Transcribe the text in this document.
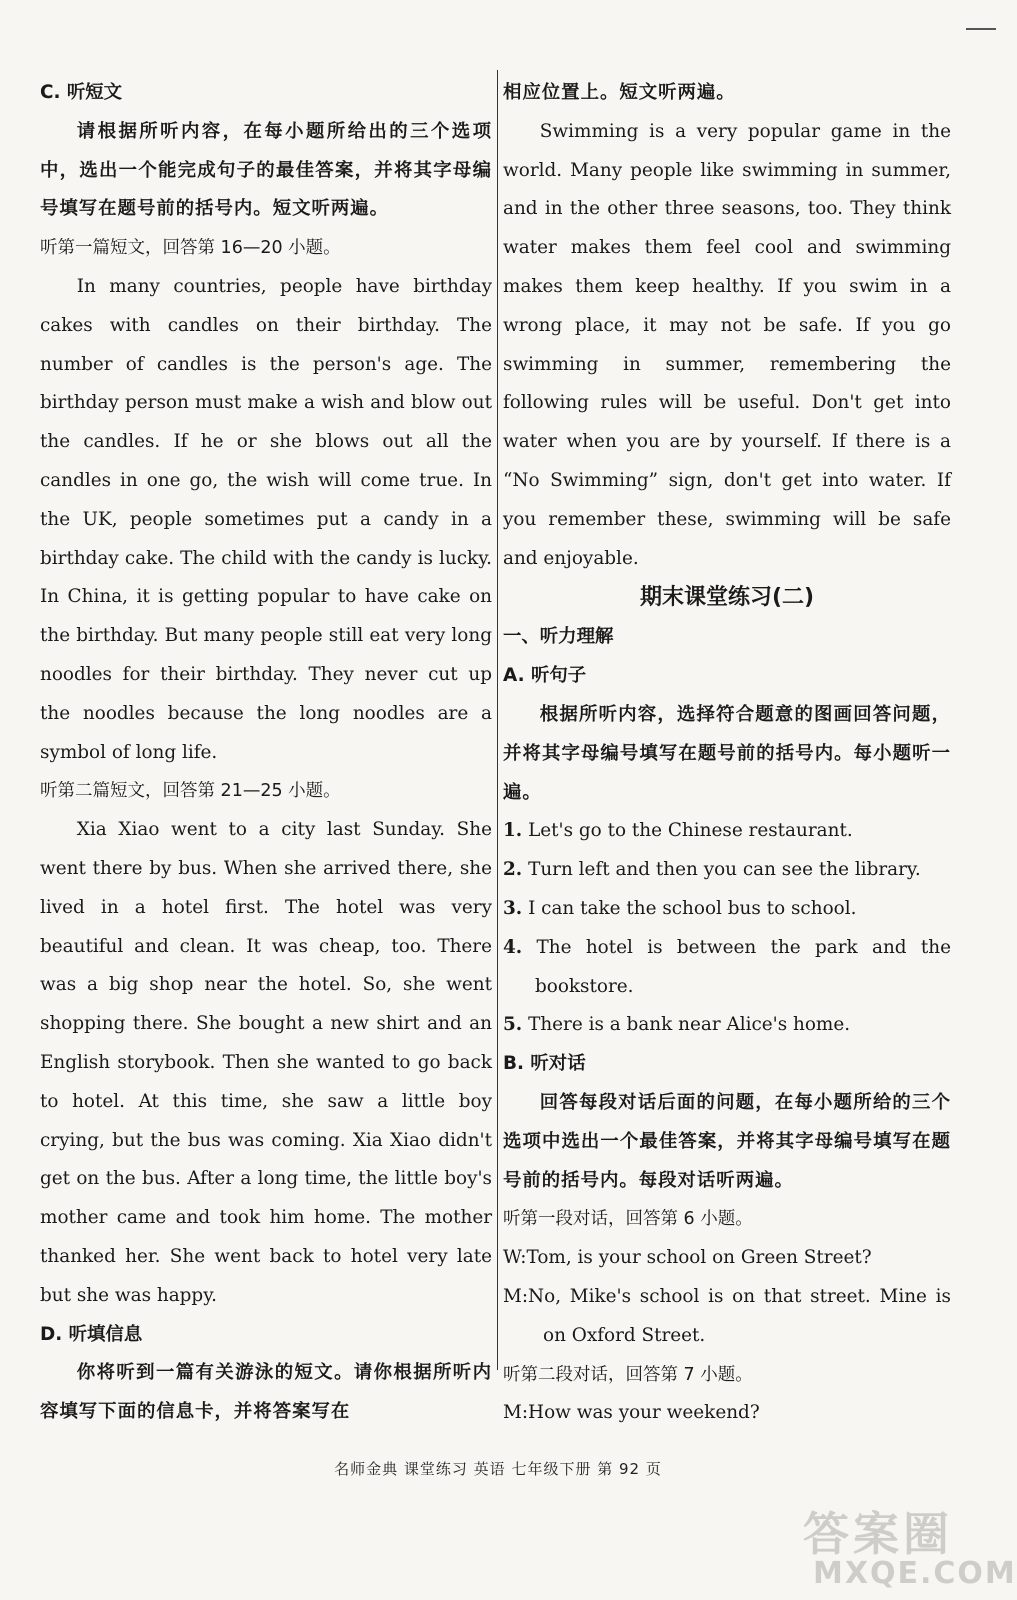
C. 听短文

请根据所听内容，在每小题所给出的三个选项中，选出一个能完成句子的最佳答案，并将其字母编号填写在题号前的括号内。短文听两遍。

听第一篇短文，回答第 16—20 小题。

In many countries, people have birthday cakes with candles on their birthday. The number of candles is the person's age. The birthday person must make a wish and blow out the candles. If he or she blows out all the candles in one go, the wish will come true. In the UK, people sometimes put a candy in a birthday cake. The child with the candy is lucky. In China, it is getting popular to have cake on the birthday. But many people still eat very long noodles for their birthday. They never cut up the noodles because the long noodles are a symbol of long life.

听第二篇短文，回答第 21—25 小题。

Xia Xiao went to a city last Sunday. She went there by bus. When she arrived there, she lived in a hotel first. The hotel was very beautiful and clean. It was cheap, too. There was a big shop near the hotel. So, she went shopping there. She bought a new shirt and an English storybook. Then she wanted to go back to hotel. At this time, she saw a little boy crying, but the bus was coming. Xia Xiao didn't get on the bus. After a long time, the little boy's mother came and took him home. The mother thanked her. She went back to hotel very late but she was happy.

D. 听填信息

你将听到一篇有关游泳的短文。请你根据所听内容填写下面的信息卡，并将答案写在

相应位置上。短文听两遍。

Swimming is a very popular game in the world. Many people like swimming in summer, and in the other three seasons, too. They think water makes them feel cool and swimming makes them keep healthy. If you swim in a wrong place, it may not be safe. If you go swimming in summer, remembering the following rules will be useful. Don't get into water when you are by yourself. If there is a “No Swimming” sign, don't get into water. If you remember these, swimming will be safe and enjoyable.

期末课堂练习(二)

一、听力理解

A. 听句子

根据所听内容，选择符合题意的图画回答问题，并将其字母编号填写在题号前的括号内。每小题听一遍。

1. Let's go to the Chinese restaurant.

2. Turn left and then you can see the library.

3. I can take the school bus to school.

4. The hotel is between the park and the bookstore.

5. There is a bank near Alice's home.

B. 听对话

回答每段对话后面的问题，在每小题所给的三个选项中选出一个最佳答案，并将其字母编号填写在题号前的括号内。每段对话听两遍。

听第一段对话，回答第 6 小题。

W:Tom, is your school on Green Street?

M:No, Mike's school is on that street. Mine is on Oxford Street.

听第二段对话，回答第 7 小题。

M:How was your weekend?

名师金典 课堂练习 英语 七年级下册 第 92 页
答案圈
MXQE.COM
